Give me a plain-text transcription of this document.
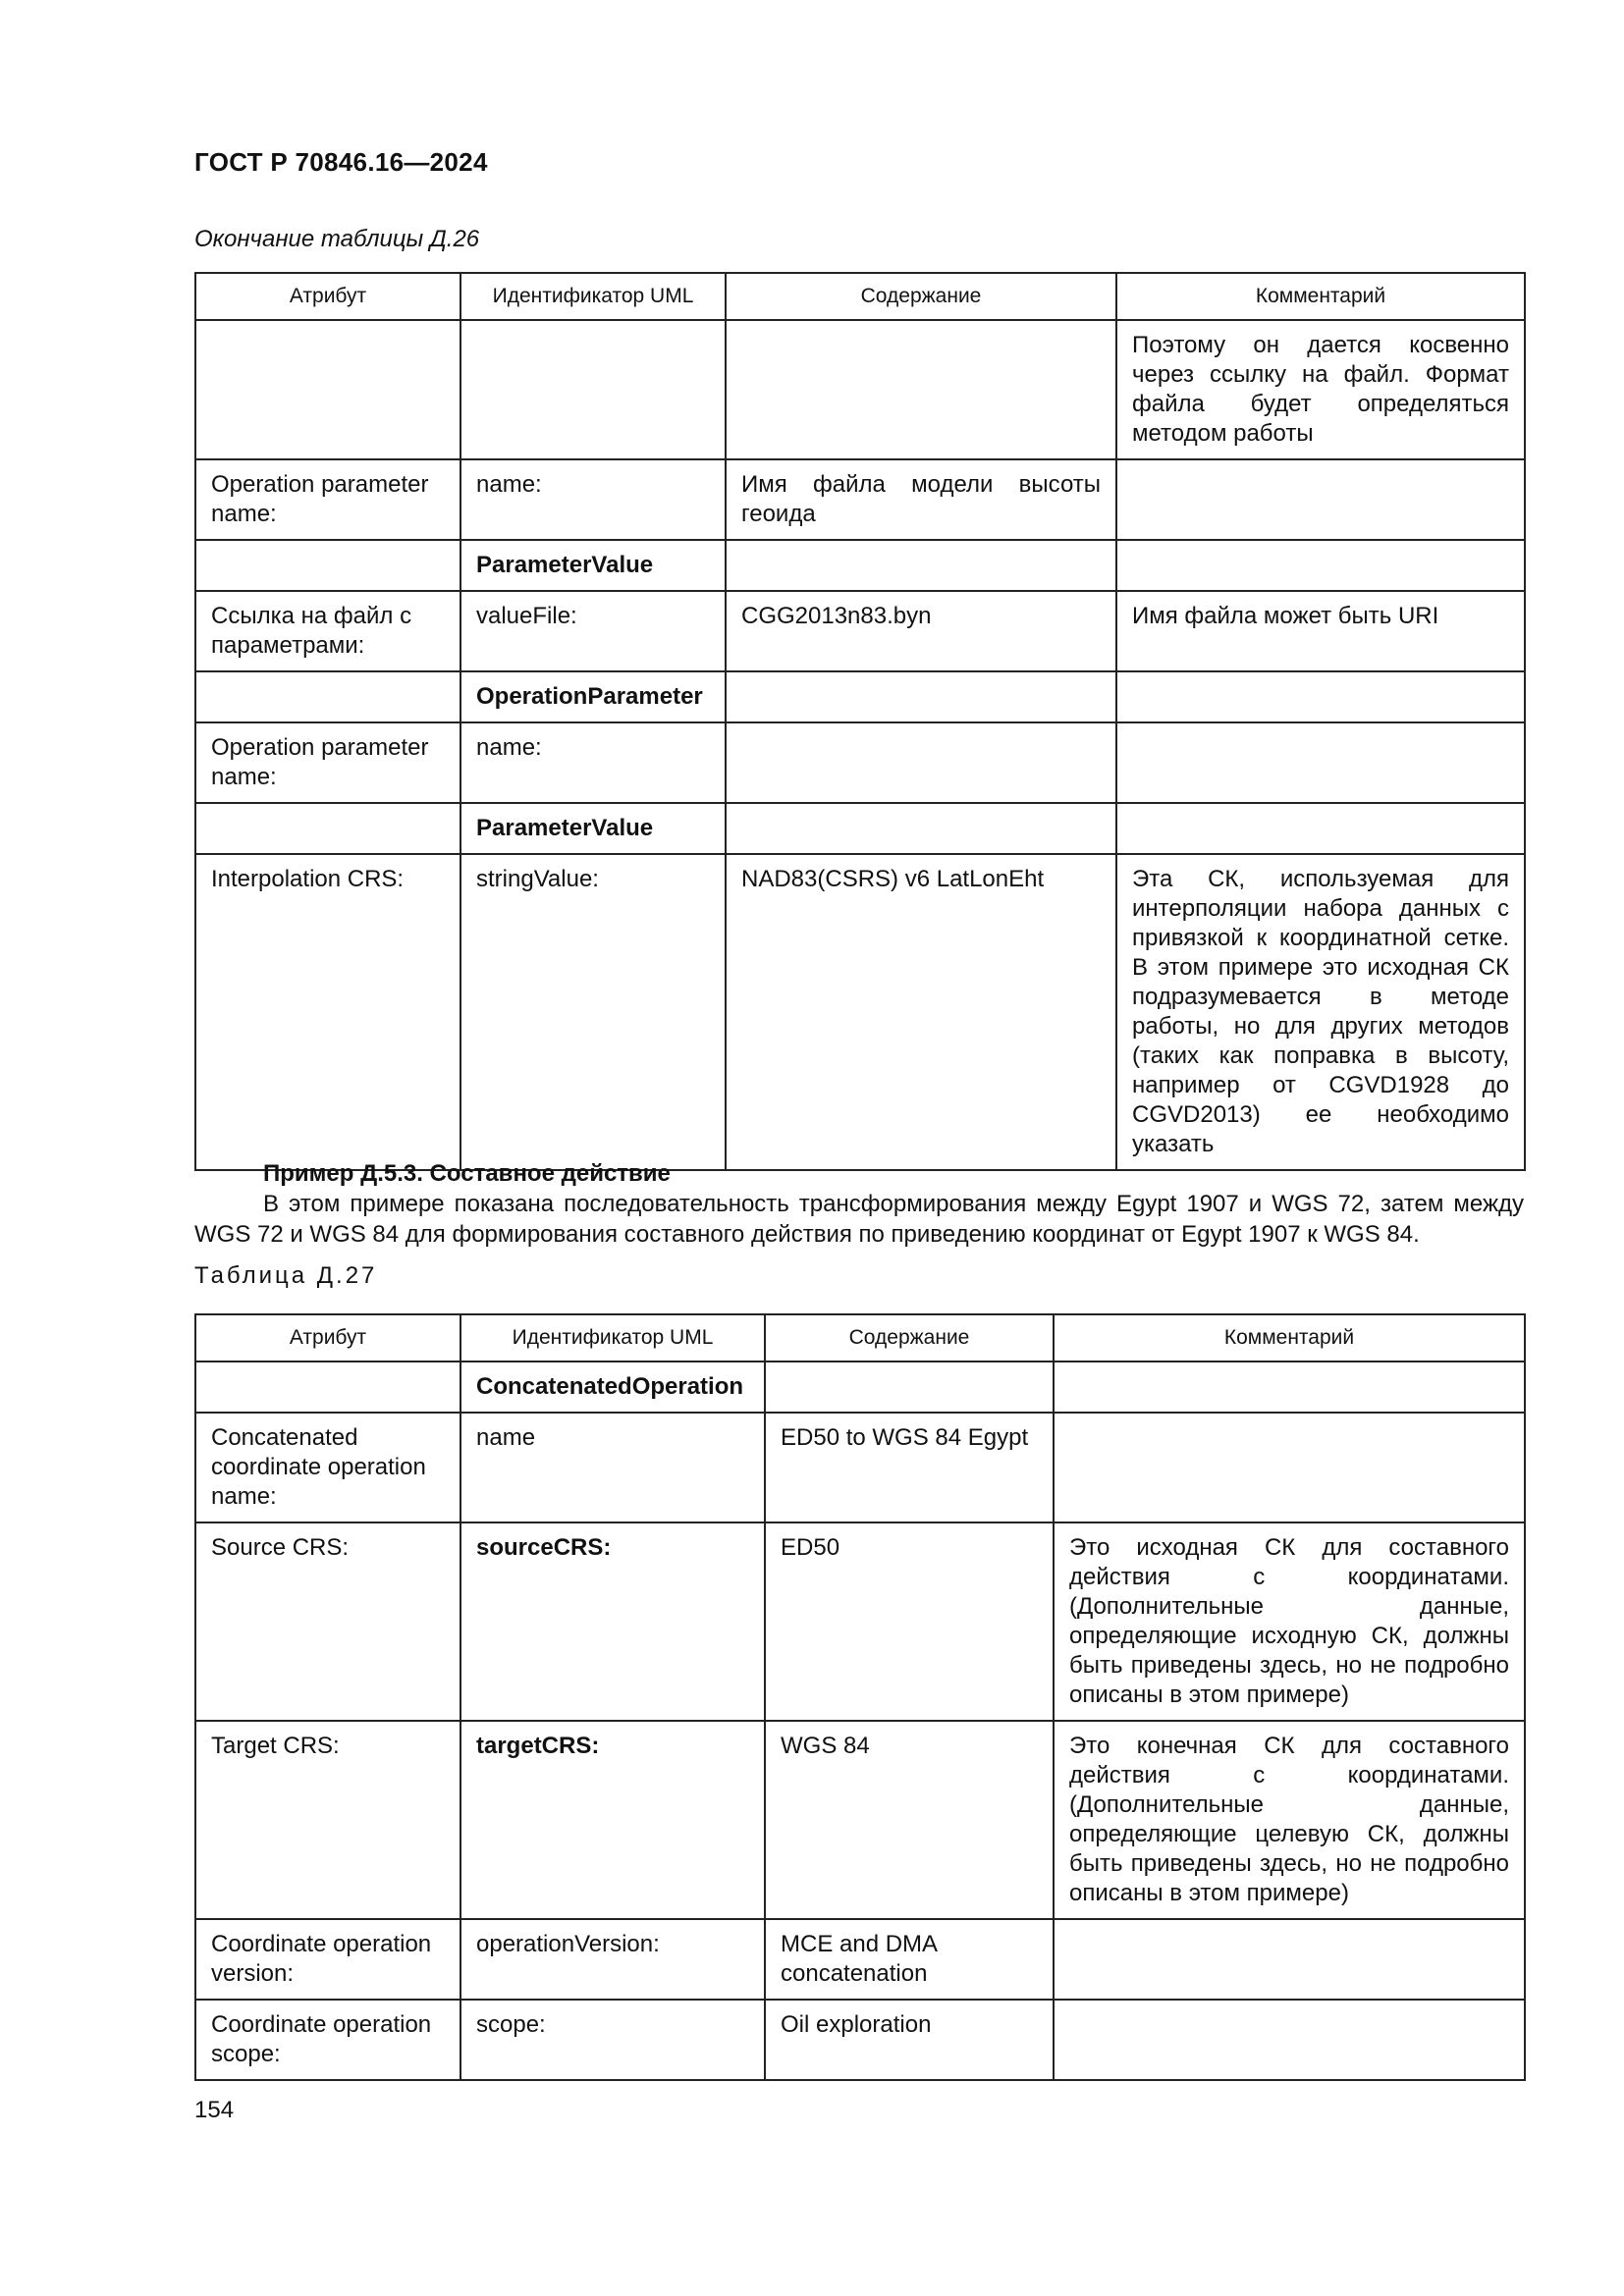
ГОСТ Р 70846.16—2024
Окончание таблицы Д.26
Атрибут	Идентификатор UML	Содержание	Комментарий
			Поэтому он дается косвенно через ссылку на файл. Формат файла будет определяться методом работы
Operation parameter name:	name:	Имя файла модели высоты геоида	
	ParameterValue		
Ссылка на файл с параметрами:	valueFile:	CGG2013n83.byn	Имя файла может быть URI
	OperationParameter		
Operation parameter name:	name:		
	ParameterValue		
Interpolation CRS:	stringValue:	NAD83(CSRS) v6 LatLonEht	Эта СК, используемая для интерполяции набора данных с привязкой к координатной сетке. В этом примере это исходная СК подразумевается в методе работы, но для других методов (таких как поправка в высоту, например от CGVD1928 до CGVD2013) ее необходимо указать
Пример Д.5.3. Составное действие
В этом примере показана последовательность трансформирования между Egypt 1907 и WGS 72, затем между WGS 72 и WGS 84 для формирования составного действия по приведению координат от Egypt 1907 к WGS 84.
Таблица Д.27
Атрибут	Идентификатор UML	Содержание	Комментарий
	ConcatenatedOperation		
Concatenated coordinate operation name:	name	ED50 to WGS 84 Egypt	
Source CRS:	sourceCRS:	ED50	Это исходная СК для составного действия с координатами. (Дополнительные данные, определяющие исходную СК, должны быть приведены здесь, но не подробно описаны в этом примере)
Target CRS:	targetCRS:	WGS 84	Это конечная СК для составного действия с координатами. (Дополнительные данные, определяющие целевую СК, должны быть приведены здесь, но не подробно описаны в этом примере)
Coordinate operation version:	operationVersion:	MCE and DMA concatenation	
Coordinate operation scope:	scope:	Oil exploration	
154
